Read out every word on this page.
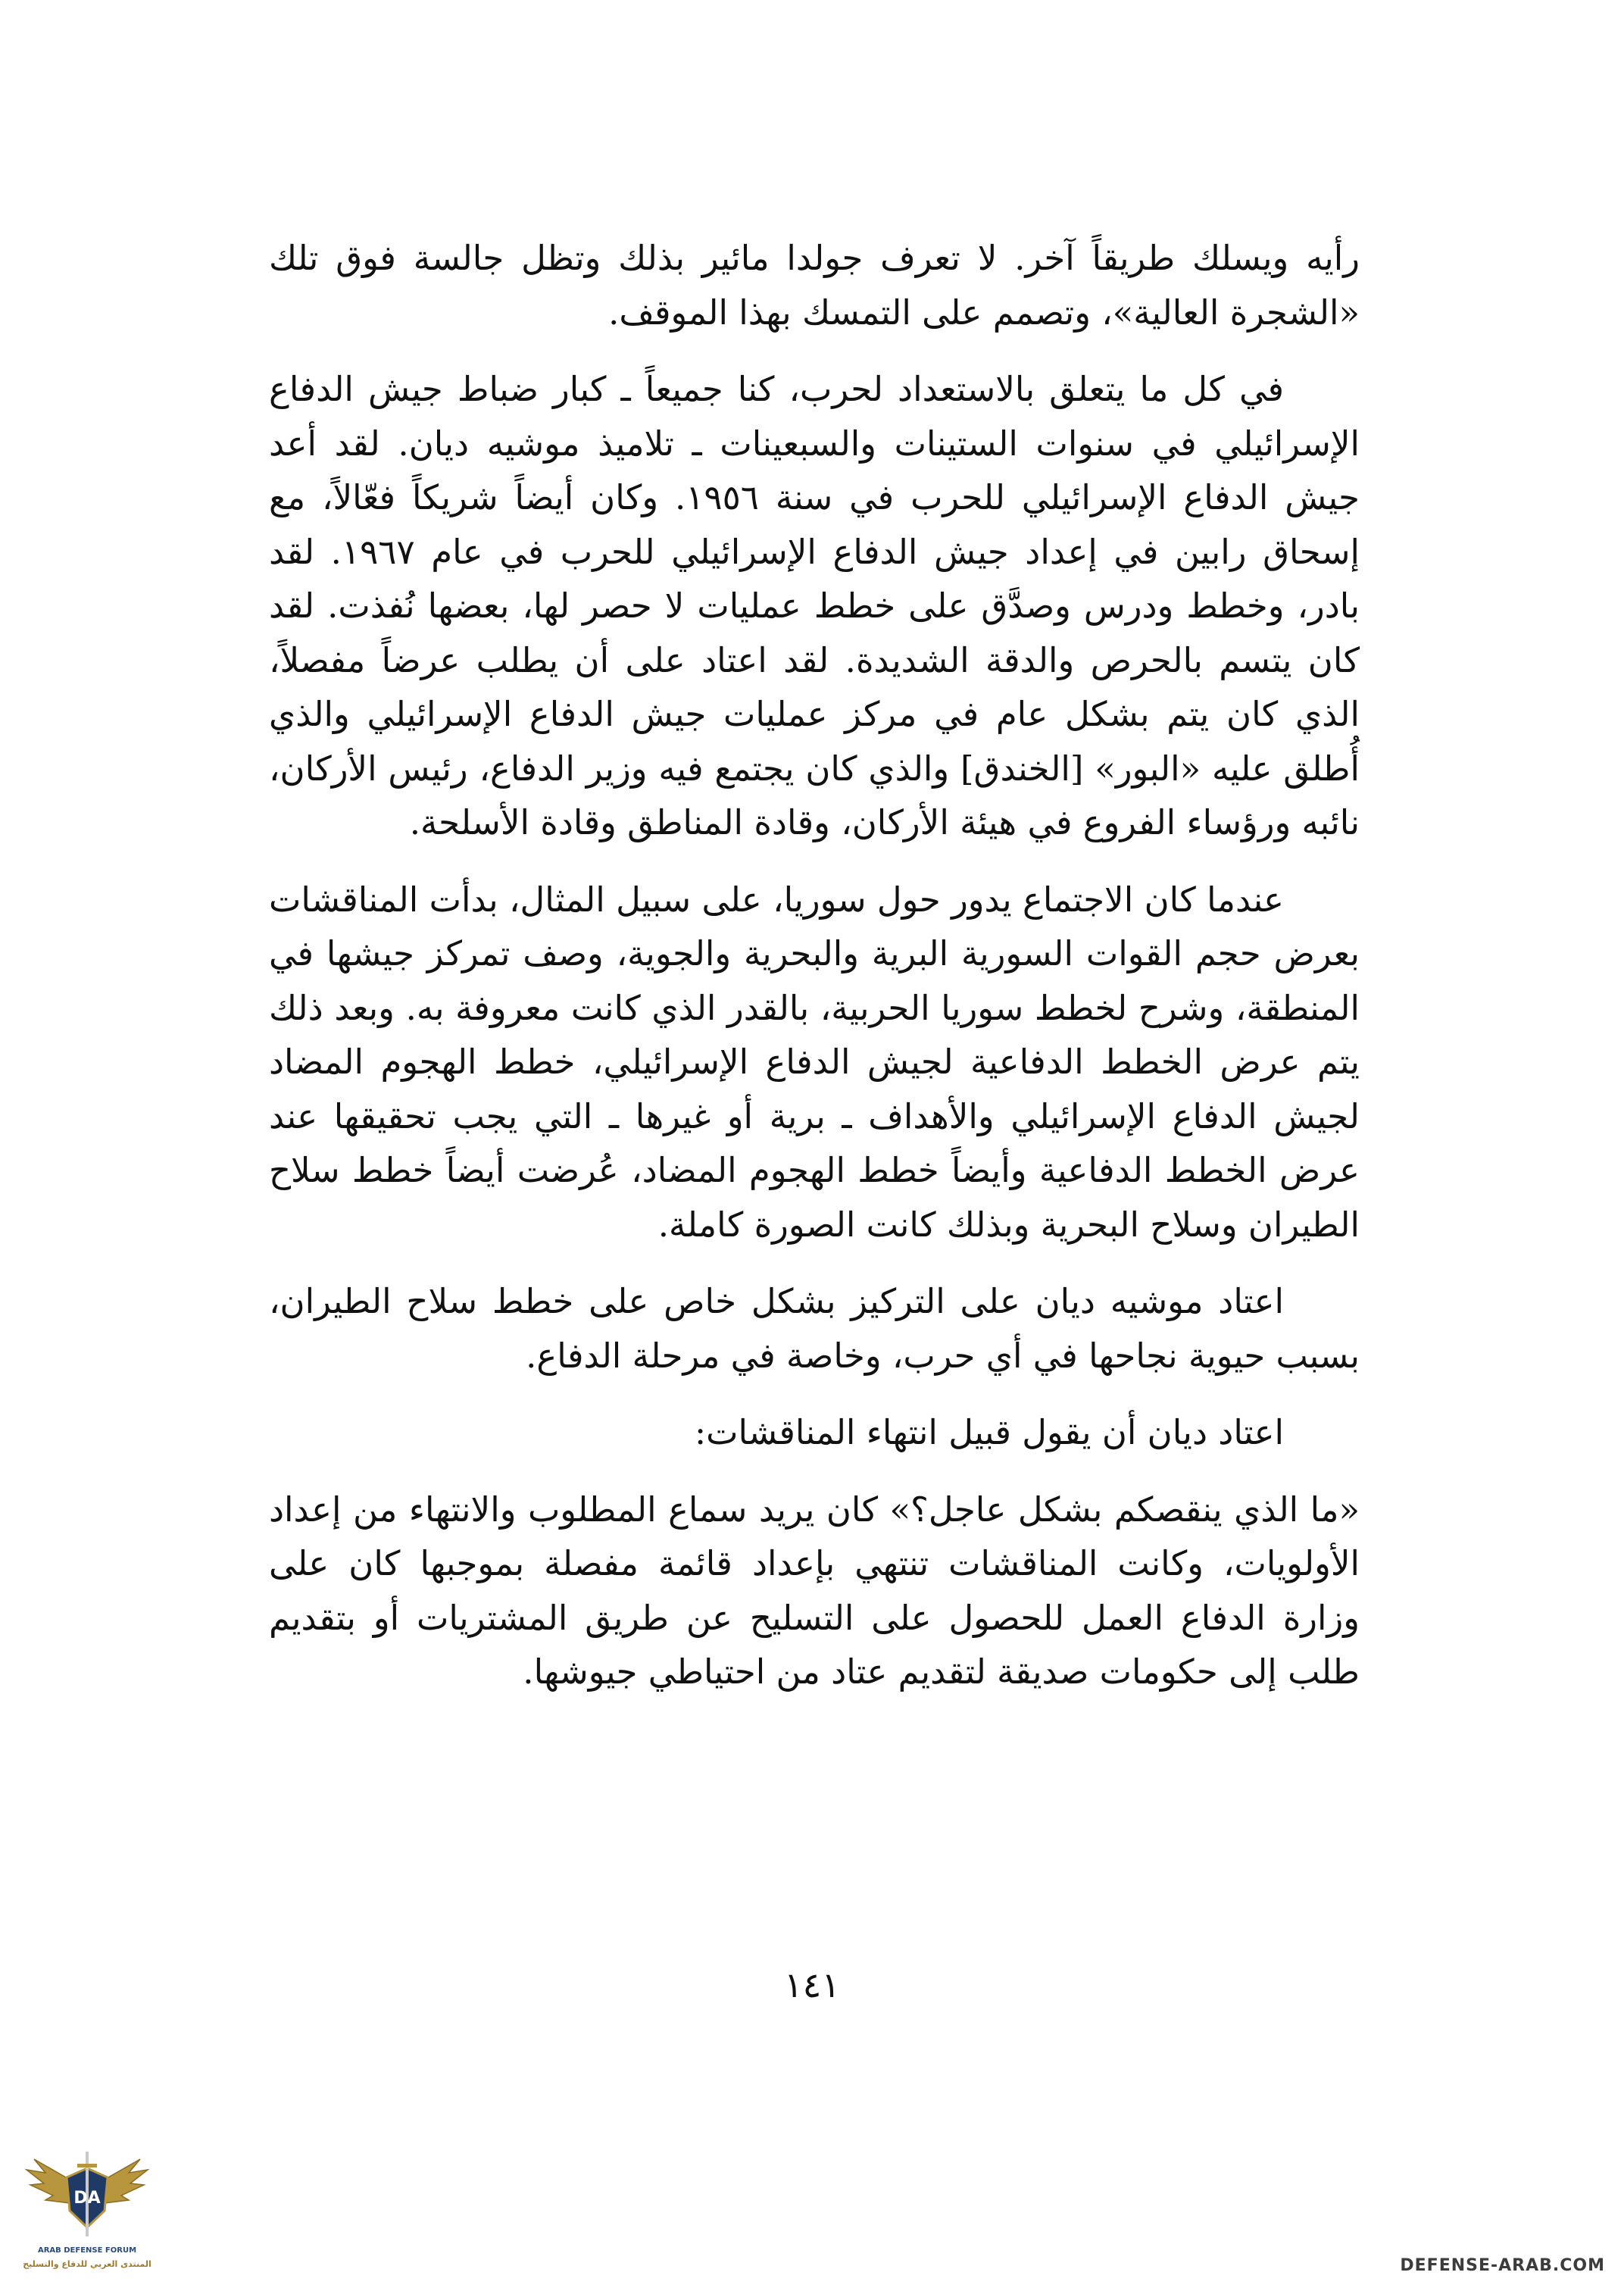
رأيه ويسلك طريقاً آخر. لا تعرف جولدا مائير بذلك وتظل جالسة فوق تلك «الشجرة العالية»، وتصمم على التمسك بهذا الموقف.

في كل ما يتعلق بالاستعداد لحرب، كنا جميعاً ـ كبار ضباط جيش الدفاع الإسرائيلي في سنوات الستينات والسبعينات ـ تلاميذ موشيه ديان. لقد أعد جيش الدفاع الإسرائيلي للحرب في سنة ١٩٥٦. وكان أيضاً شريكاً فعّالاً، مع إسحاق رابين في إعداد جيش الدفاع الإسرائيلي للحرب في عام ١٩٦٧. لقد بادر، وخطط ودرس وصدَّق على خطط عمليات لا حصر لها، بعضها نُفذت. لقد كان يتسم بالحرص والدقة الشديدة. لقد اعتاد على أن يطلب عرضاً مفصلاً، الذي كان يتم بشكل عام في مركز عمليات جيش الدفاع الإسرائيلي والذي أُطلق عليه «البور» [الخندق] والذي كان يجتمع فيه وزير الدفاع، رئيس الأركان، نائبه ورؤساء الفروع في هيئة الأركان، وقادة المناطق وقادة الأسلحة.

عندما كان الاجتماع يدور حول سوريا، على سبيل المثال، بدأت المناقشات بعرض حجم القوات السورية البرية والبحرية والجوية، وصف تمركز جيشها في المنطقة، وشرح لخطط سوريا الحربية، بالقدر الذي كانت معروفة به. وبعد ذلك يتم عرض الخطط الدفاعية لجيش الدفاع الإسرائيلي، خطط الهجوم المضاد لجيش الدفاع الإسرائيلي والأهداف ـ برية أو غيرها ـ التي يجب تحقيقها عند عرض الخطط الدفاعية وأيضاً خطط الهجوم المضاد، عُرضت أيضاً خطط سلاح الطيران وسلاح البحرية وبذلك كانت الصورة كاملة.

اعتاد موشيه ديان على التركيز بشكل خاص على خطط سلاح الطيران، بسبب حيوية نجاحها في أي حرب، وخاصة في مرحلة الدفاع.

اعتاد ديان أن يقول قبيل انتهاء المناقشات:

«ما الذي ينقصكم بشكل عاجل؟» كان يريد سماع المطلوب والانتهاء من إعداد الأولويات، وكانت المناقشات تنتهي بإعداد قائمة مفصلة بموجبها كان على وزارة الدفاع العمل للحصول على التسليح عن طريق المشتريات أو بتقديم طلب إلى حكومات صديقة لتقديم عتاد من احتياطي جيوشها.

١٤١
DA
ARAB DEFENSE FORUM
المنتدى العربي للدفاع والتسليح	DEFENSE-ARAB.COM
